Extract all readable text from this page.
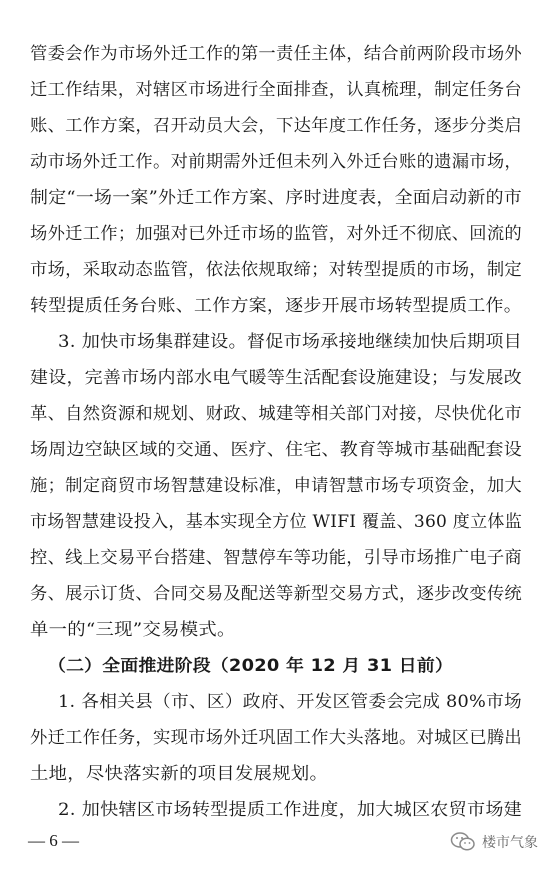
管委会作为市场外迁工作的第一责任主体，结合前两阶段市场外
迁工作结果，对辖区市场进行全面排查，认真梳理，制定任务台
账、工作方案，召开动员大会，下达年度工作任务，逐步分类启
动市场外迁工作。对前期需外迁但未列入外迁台账的遗漏市场，
制定“一场一案”外迁工作方案、序时进度表，全面启动新的市
场外迁工作；加强对已外迁市场的监管，对外迁不彻底、回流的
市场，采取动态监管，依法依规取缔；对转型提质的市场，制定
转型提质任务台账、工作方案，逐步开展市场转型提质工作。
3. 加快市场集群建设。督促市场承接地继续加快后期项目
建设，完善市场内部水电气暖等生活配套设施建设；与发展改
革、自然资源和规划、财政、城建等相关部门对接，尽快优化市
场周边空缺区域的交通、医疗、住宅、教育等城市基础配套设
施；制定商贸市场智慧建设标准，申请智慧市场专项资金，加大
市场智慧建设投入，基本实现全方位 WIFI 覆盖、360 度立体监
控、线上交易平台搭建、智慧停车等功能，引导市场推广电子商
务、展示订货、合同交易及配送等新型交易方式，逐步改变传统
单一的“三现”交易模式。
（二）全面推进阶段（2020 年 12 月 31 日前）
1. 各相关县（市、区）政府、开发区管委会完成 80%市场
外迁工作任务，实现市场外迁巩固工作大头落地。对城区已腾出
土地，尽快落实新的项目发展规划。
2. 加快辖区市场转型提质工作进度，加大城区农贸市场建
— 6 —	楼市气象
